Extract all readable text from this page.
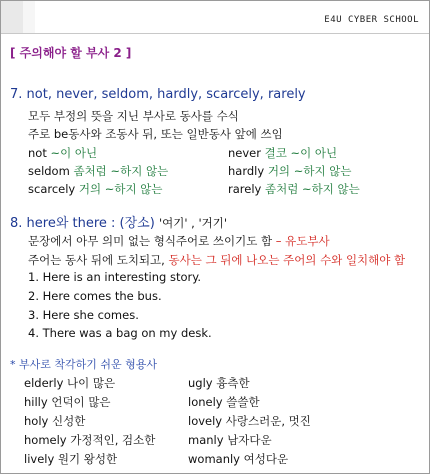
E4U CYBER SCHOOL
[ 주의해야 할 부사 2 ]
7. not, never, seldom, hardly, scarcely, rarely
모두 부정의 뜻을 지닌 부사로 동사를 수식
주로 be동사와 조동사 뒤, 또는 일반동사 앞에 쓰임
not ~이 아닌	never 결코 ~이 아닌
seldom 좀처럼 ~하지 않는	hardly 거의 ~하지 않는
scarcely 거의 ~하지 않는	rarely 좀처럼 ~하지 않는
8. here와 there : (장소) '여기' , '거기'
문장에서 아무 의미 없는 형식주어로 쓰이기도 함 – 유도부사
주어는 동사 뒤에 도치되고, 동사는 그 뒤에 나오는 주어의 수와 일치해야 함
1. Here is an interesting story.
2. Here comes the bus.
3. Here she comes.
4. There was a bag on my desk.
* 부사로 착각하기 쉬운 형용사
elderly 나이 많은	ugly 흉측한
hilly 언덕이 많은	lonely 쓸쓸한
holy 신성한	lovely 사랑스러운, 멋진
homely 가정적인, 검소한	manly 남자다운
lively 원기 왕성한	womanly 여성다운
